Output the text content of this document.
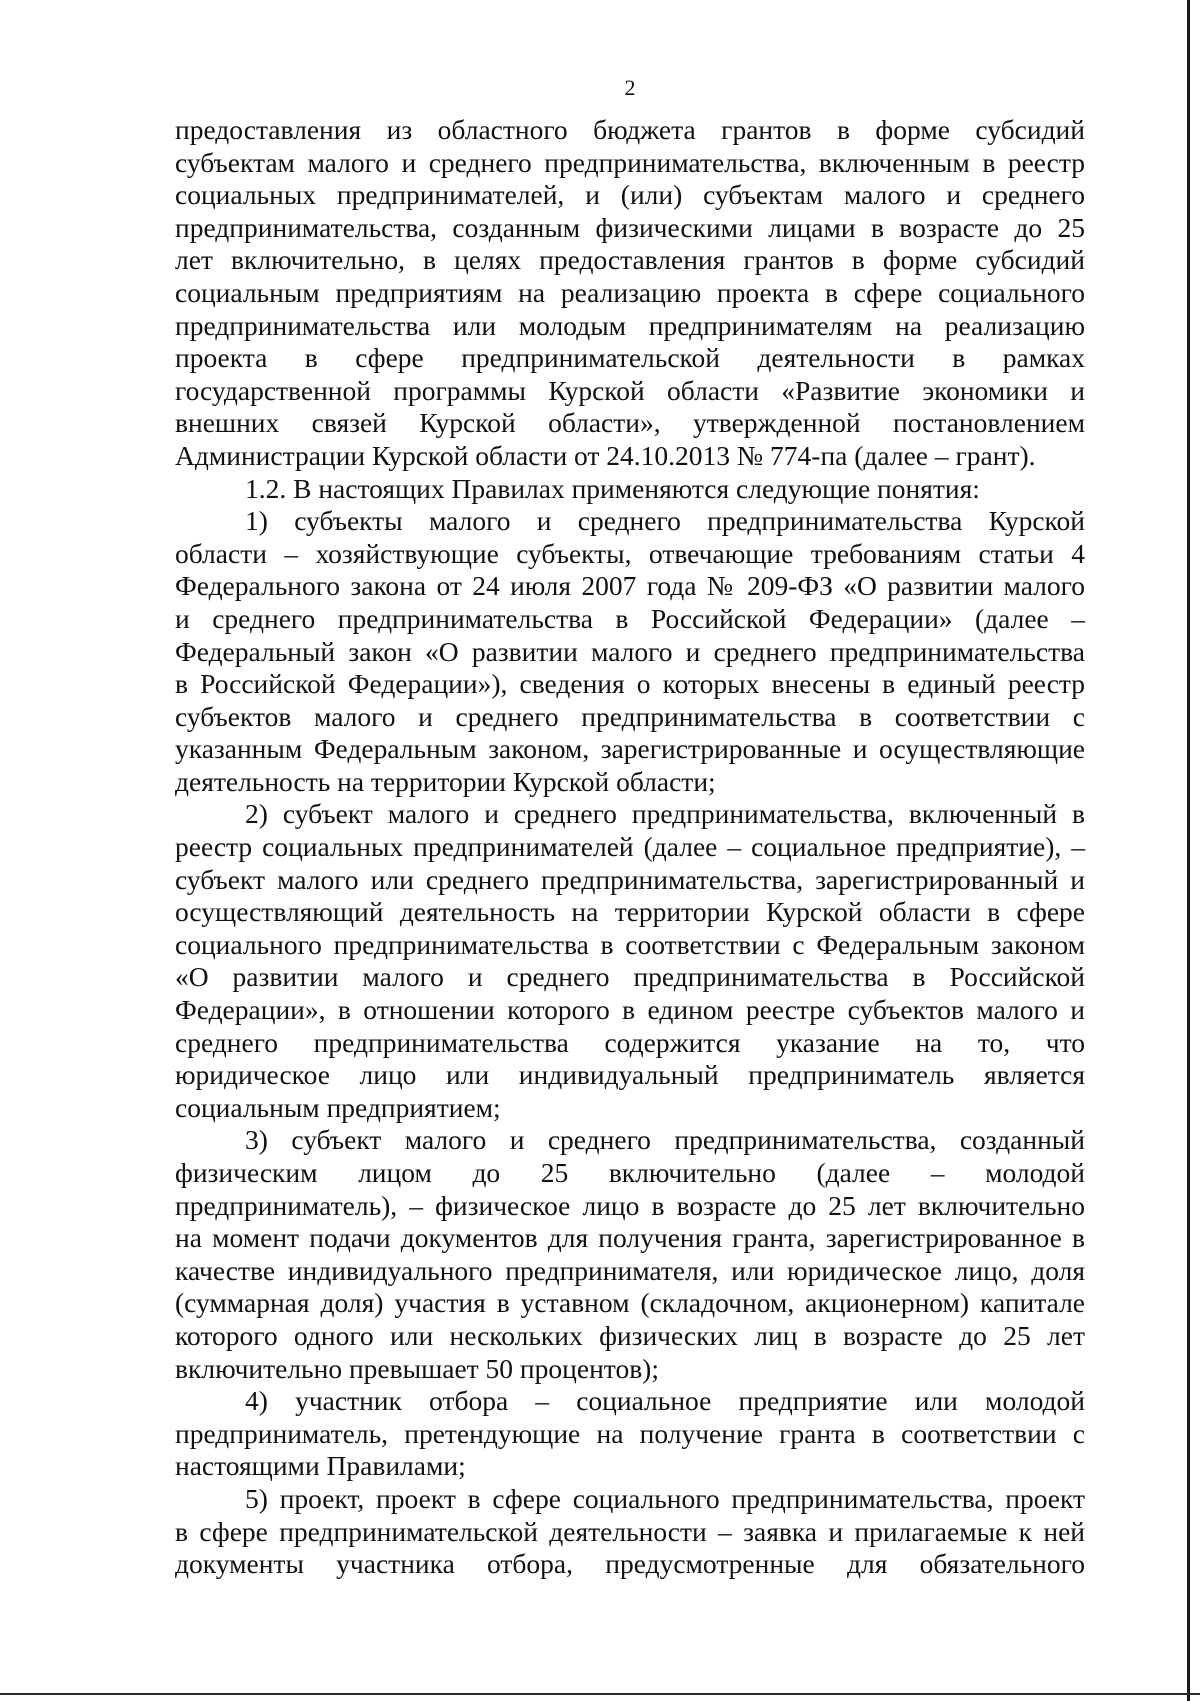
2
предоставления из областного бюджета грантов в форме субсидий
субъектам малого и среднего предпринимательства, включенным в реестр
социальных предпринимателей, и (или) субъектам малого и среднего
предпринимательства, созданным физическими лицами в возрасте до 25
лет включительно, в целях предоставления грантов в форме субсидий
социальным предприятиям на реализацию проекта в сфере социального
предпринимательства или молодым предпринимателям на реализацию
проекта в сфере предпринимательской деятельности в рамках
государственной программы Курской области «Развитие экономики и
внешних связей Курской области», утвержденной постановлением
Администрации Курской области от 24.10.2013 № 774-па (далее – грант).
1.2. В настоящих Правилах применяются следующие понятия:
1) субъекты малого и среднего предпринимательства Курской
области – хозяйствующие субъекты, отвечающие требованиям статьи 4
Федерального закона от 24 июля 2007 года № 209-ФЗ «О развитии малого
и среднего предпринимательства в Российской Федерации» (далее –
Федеральный закон «О развитии малого и среднего предпринимательства
в Российской Федерации»), сведения о которых внесены в единый реестр
субъектов малого и среднего предпринимательства в соответствии с
указанным Федеральным законом, зарегистрированные и осуществляющие
деятельность на территории Курской области;
2) субъект малого и среднего предпринимательства, включенный в
реестр социальных предпринимателей (далее – социальное предприятие), –
субъект малого или среднего предпринимательства, зарегистрированный и
осуществляющий деятельность на территории Курской области в сфере
социального предпринимательства в соответствии с Федеральным законом
«О развитии малого и среднего предпринимательства в Российской
Федерации», в отношении которого в едином реестре субъектов малого и
среднего предпринимательства содержится указание на то, что
юридическое лицо или индивидуальный предприниматель является
социальным предприятием;
3) субъект малого и среднего предпринимательства, созданный
физическим лицом до 25 включительно (далее – молодой
предприниматель), – физическое лицо в возрасте до 25 лет включительно
на момент подачи документов для получения гранта, зарегистрированное в
качестве индивидуального предпринимателя, или юридическое лицо, доля
(суммарная доля) участия в уставном (складочном, акционерном) капитале
которого одного или нескольких физических лиц в возрасте до 25 лет
включительно превышает 50 процентов);
4) участник отбора – социальное предприятие или молодой
предприниматель, претендующие на получение гранта в соответствии с
настоящими Правилами;
5) проект, проект в сфере социального предпринимательства, проект
в сфере предпринимательской деятельности – заявка и прилагаемые к ней
документы участника отбора, предусмотренные для обязательного
